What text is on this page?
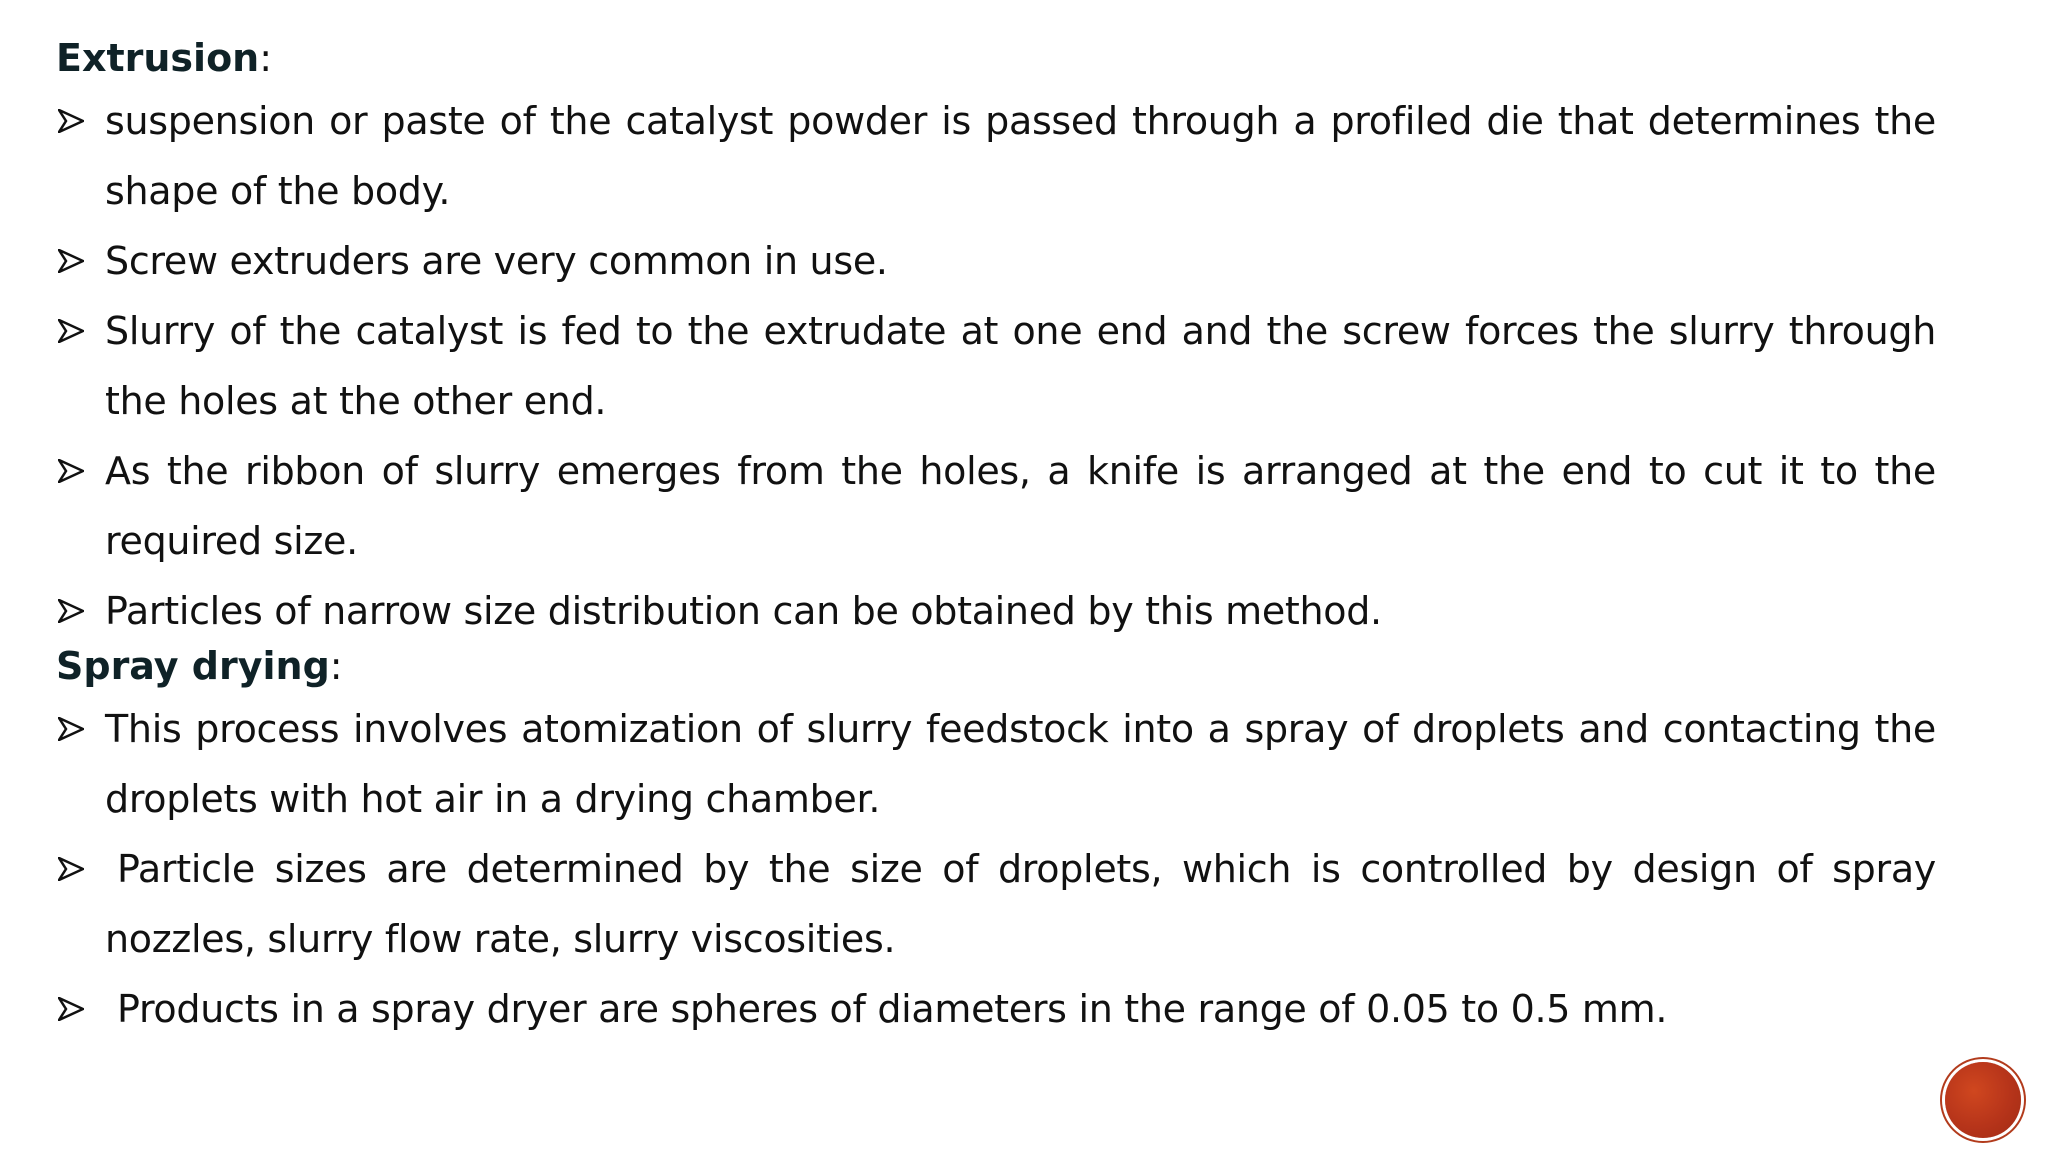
Extrusion:
suspension or paste of the catalyst powder is passed through a profiled die that determines the shape of the body.
Screw extruders are very common in use.
Slurry of the catalyst is fed to the extrudate at one end and the screw forces the slurry through the holes at the other end.
As the ribbon of slurry emerges from the holes, a knife is arranged at the end to cut it to the required size.
Particles of narrow size distribution can be obtained by this method.
Spray drying:
This process involves atomization of slurry feedstock into a spray of droplets and contacting the droplets with hot air in a drying chamber.
Particle sizes are determined by the size of droplets, which is controlled by design of spray nozzles, slurry flow rate, slurry viscosities.
Products in a spray dryer are spheres of diameters in the range of 0.05 to 0.5 mm.
